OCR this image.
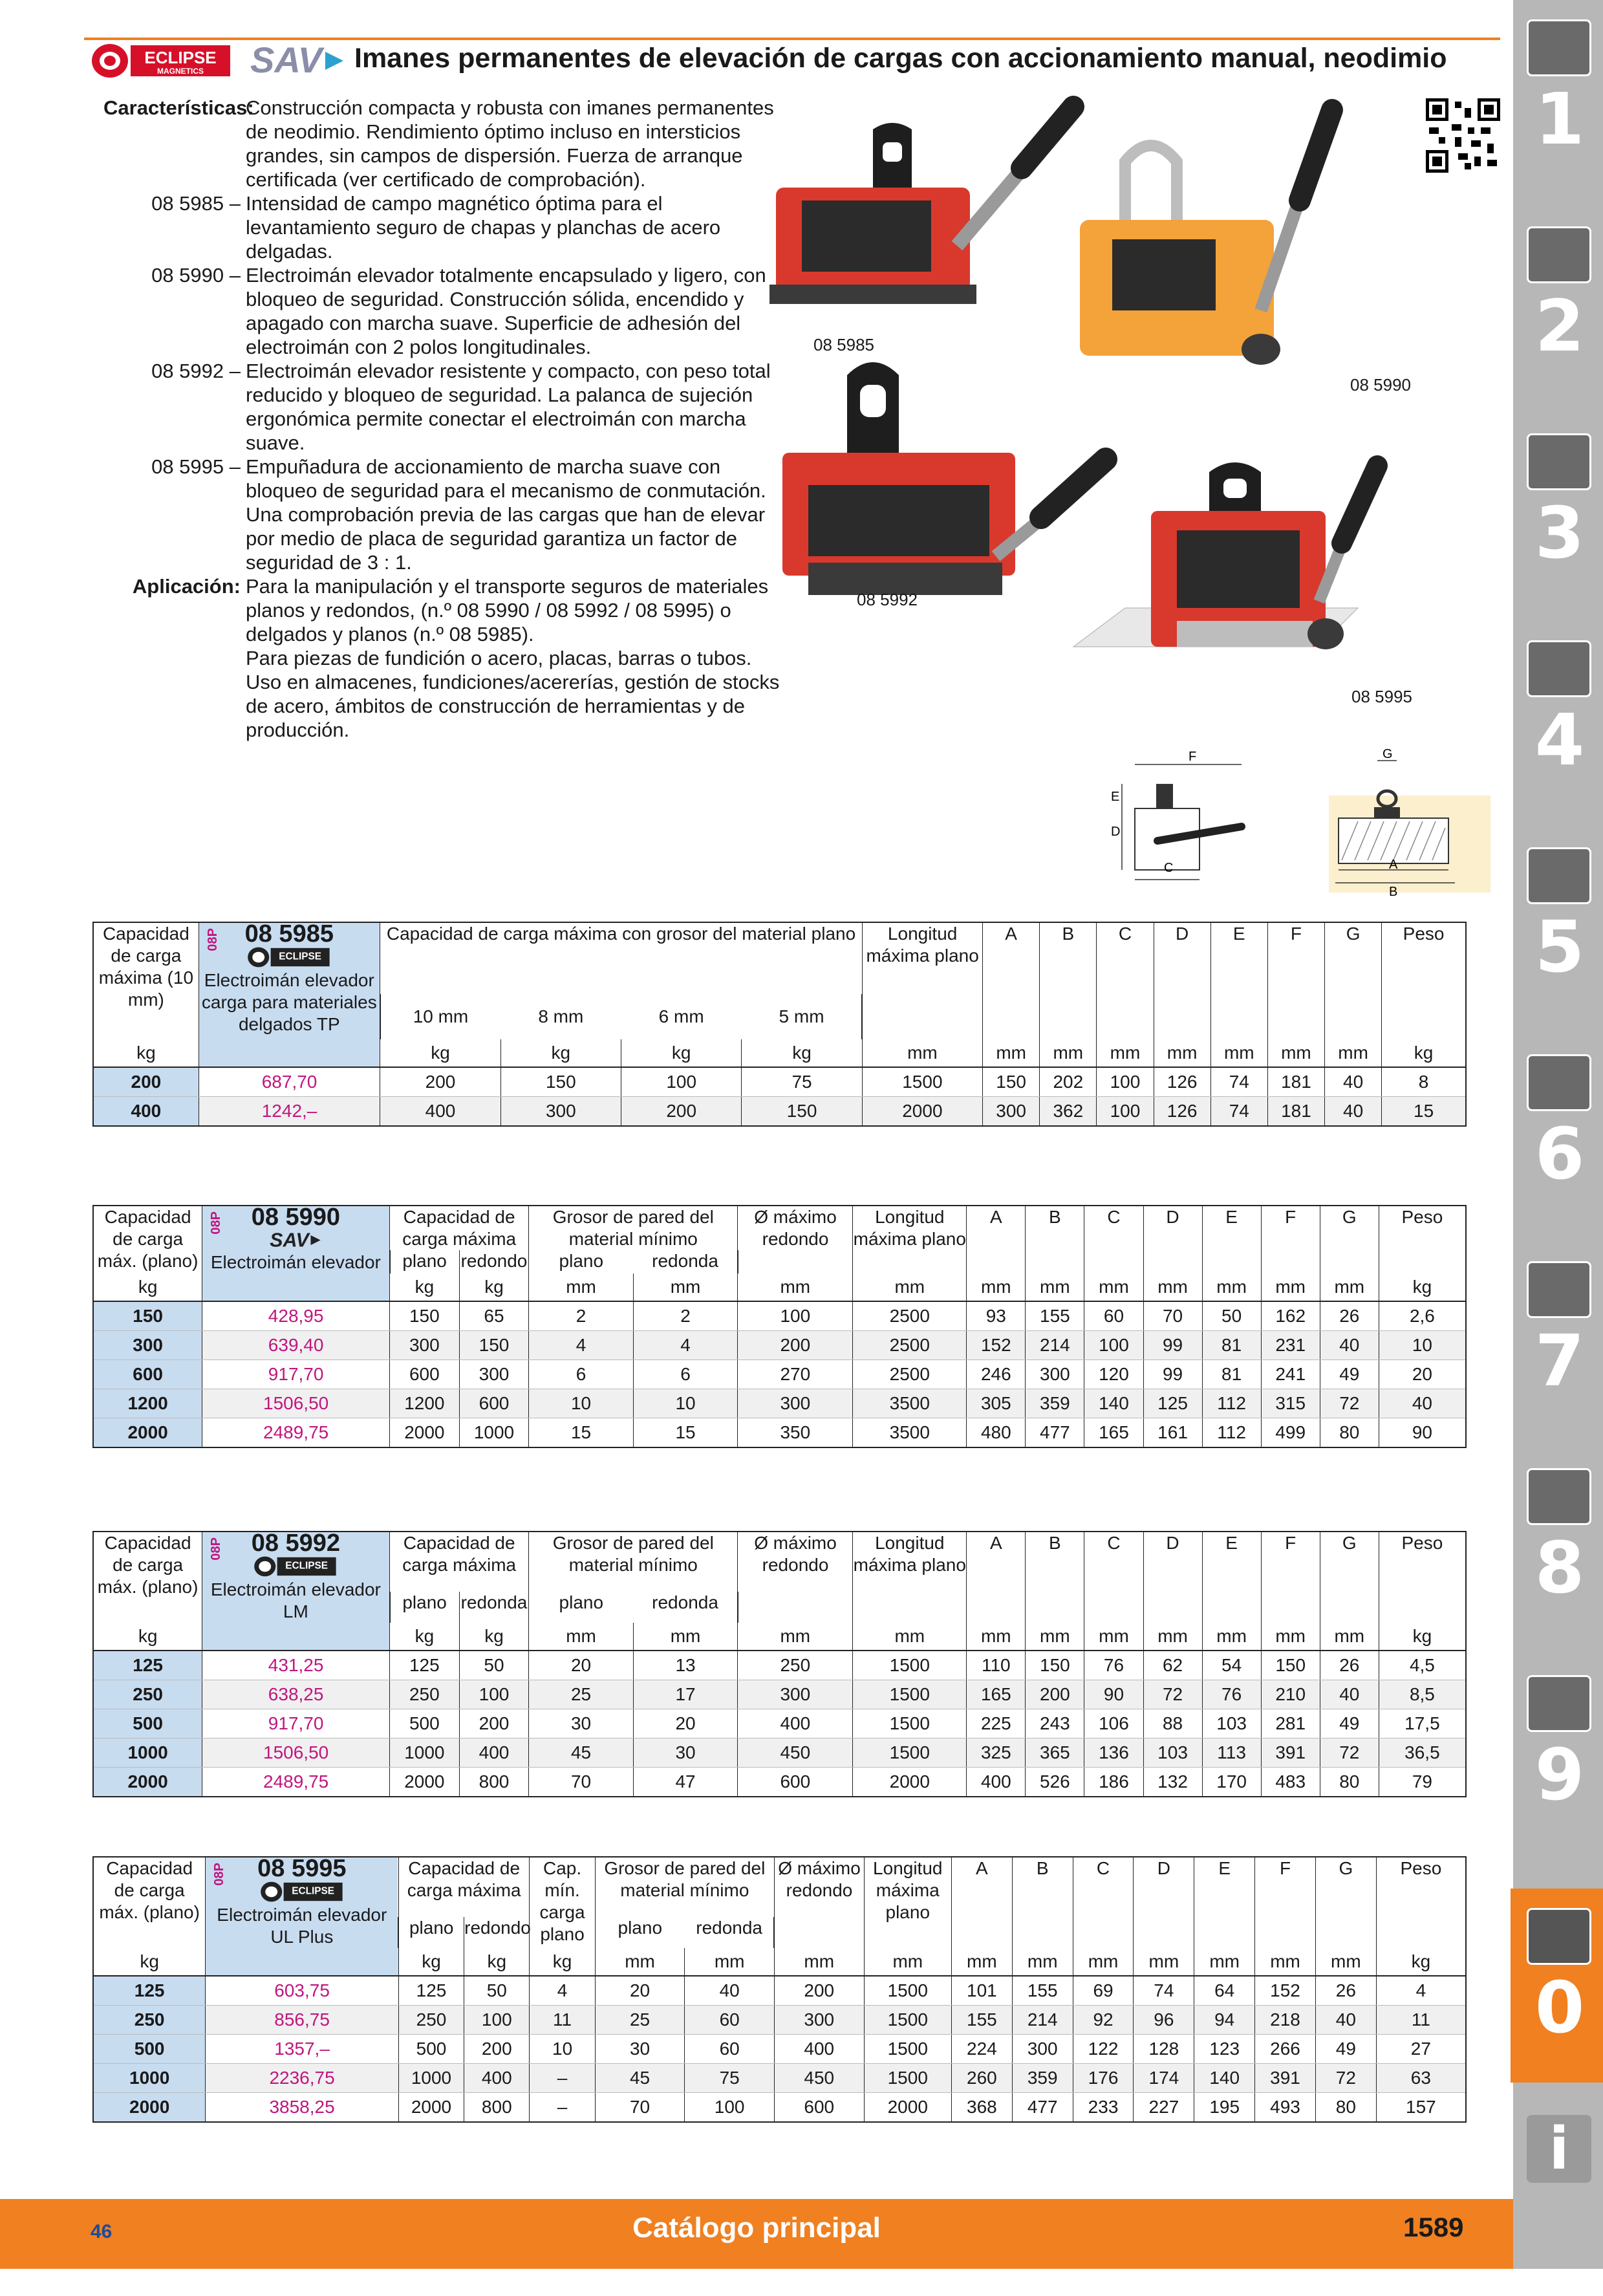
ECLIPSE
MAGNETICS SAV Imanes permanentes de elevación de cargas con accionamiento manual, neodimio
Características:

Construcción compacta y robusta con imanes permanentes de neodimio. Rendimiento óptimo incluso en intersticios grandes, sin campos de dispersión. Fuerza de arranque certificada (ver certificado de comprobación).

08 5985 – Intensidad de campo magnético óptima para el levantamiento seguro de chapas y planchas de acero delgadas.

08 5990 – Electroimán elevador totalmente encapsulado y ligero, con bloqueo de seguridad. Construcción sólida, encendido y apagado con marcha suave. Superficie de adhesión del electroimán con 2 polos longitudinales.

08 5992 – Electroimán elevador resistente y compacto, con peso total reducido y bloqueo de seguridad. La palanca de sujeción ergonómica permite conectar el electroimán con marcha suave.

08 5995 – Empuñadura de accionamiento de marcha suave con bloqueo de seguridad para el mecanismo de conmutación. Una comprobación previa de las cargas que han de elevar por medio de placa de seguridad garantiza un factor de seguridad de 3 : 1.

Aplicación: Para la manipulación y el transporte seguros de materiales planos y redondos, (n.º 08 5990 / 08 5992 / 08 5995) o delgados y planos (n.º 08 5985).

Para piezas de fundición o acero, placas, barras o tubos.

Uso en almacenes, fundiciones/acererías, gestión de stocks de acero, ámbitos de construcción de herramientas y de producción.

08 5985
08 5990
08 5992
08 5995
F
E
D
C
G
A
B
Capacidad de carga máxima (10 mm)	08P 08 5985
ECLIPSE
Electroimán elevador carga para materiales delgados TP	Capacidad de carga máxima con grosor del material plano				Longitud máxima plano	A	B	C	D	E	F	G	Peso
		10 mm	8 mm	6 mm	5 mm									
kg		kg	kg	kg	kg	mm	mm	mm	mm	mm	mm	mm	mm	kg
200	687,70	200	150	100	75	1500	150	202	100	126	74	181	40	8
400	1242,–	400	300	200	150	2000	300	362	100	126	74	181	40	15
Capacidad de carga máx. (plano)	08P 08 5990
SAV
Electroimán elevador	Capacidad de carga máxima		Grosor de pared del material mínimo		Ø máximo redondo	Longitud máxima plano	A	B	C	D	E	F	G	Peso
		plano	redondo	plano	redonda										
kg		kg	kg	mm	mm	mm	mm	mm	mm	mm	mm	mm	mm	mm	kg
150	428,95	150	65	2	2	100	2500	93	155	60	70	50	162	26	2,6
300	639,40	300	150	4	4	200	2500	152	214	100	99	81	231	40	10
600	917,70	600	300	6	6	270	2500	246	300	120	99	81	241	49	20
1200	1506,50	1200	600	10	10	300	3500	305	359	140	125	112	315	72	40
2000	2489,75	2000	1000	15	15	350	3500	480	477	165	161	112	499	80	90
Capacidad de carga máx. (plano)	08P 08 5992
ECLIPSE
Electroimán elevador LM	Capacidad de carga máxima		Grosor de pared del material mínimo		Ø máximo redondo	Longitud máxima plano	A	B	C	D	E	F	G	Peso
		plano	redonda	plano	redonda										
kg		kg	kg	mm	mm	mm	mm	mm	mm	mm	mm	mm	mm	mm	kg
125	431,25	125	50	20	13	250	1500	110	150	76	62	54	150	26	4,5
250	638,25	250	100	25	17	300	1500	165	200	90	72	76	210	40	8,5
500	917,70	500	200	30	20	400	1500	225	243	106	88	103	281	49	17,5
1000	1506,50	1000	400	45	30	450	1500	325	365	136	103	113	391	72	36,5
2000	2489,75	2000	800	70	47	600	2000	400	526	186	132	170	483	80	79
Capacidad de carga máx. (plano)	08P 08 5995
ECLIPSE
Electroimán elevador UL Plus	Capacidad de carga máxima		Cap. mín. carga plano	Grosor de pared del material mínimo		Ø máximo redondo	Longitud máxima plano	A	B	C	D	E	F	G	Peso
		plano	redondo		plano	redonda										
kg		kg	kg	kg	mm	mm	mm	mm	mm	mm	mm	mm	mm	mm	mm	kg
125	603,75	125	50	4	20	40	200	1500	101	155	69	74	64	152	26	4
250	856,75	250	100	11	25	60	300	1500	155	214	92	96	94	218	40	11
500	1357,–	500	200	10	30	60	400	1500	224	300	122	128	123	266	49	27
1000	2236,75	1000	400	–	45	75	450	1500	260	359	176	174	140	391	72	63
2000	3858,25	2000	800	–	70	100	600	2000	368	477	233	227	195	493	80	157
1
2
3
4
5
6
7
8
9
0
i
46	Catálogo principal	1589
